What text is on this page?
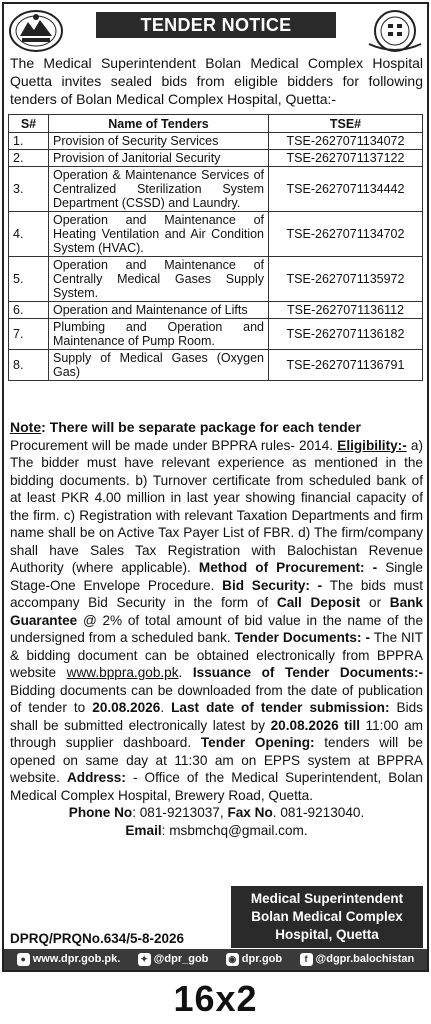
TENDER NOTICE
The Medical Superintendent Bolan Medical Complex Hospital Quetta invites sealed bids from eligible bidders for following tenders of Bolan Medical Complex Hospital, Quetta:-
S#	Name of Tenders	TSE#
1.	Provision of Security Services	TSE-2627071134072
2.	Provision of Janitorial Security	TSE-2627071137122
3.	Operation & Maintenance Services of Centralized Sterilization System Department (CSSD) and Laundry.	TSE-2627071134442
4.	Operation and Maintenance of Heating Ventilation and Air Condition System (HVAC).	TSE-2627071134702
5.	Operation and Maintenance of Centrally Medical Gases Supply System.	TSE-2627071135972
6.	Operation and Maintenance of Lifts	TSE-2627071136112
7.	Plumbing and Operation and Maintenance of Pump Room.	TSE-2627071136182
8.	Supply of Medical Gases (Oxygen Gas)	TSE-2627071136791
Note: There will be separate package for each tender
Procurement will be made under BPPRA rules- 2014. Eligibility:- a) The bidder must have relevant experience as mentioned in the bidding documents. b) Turnover certificate from scheduled bank of at least PKR 4.00 million in last year showing financial capacity of the firm. c) Registration with relevant Taxation Departments and firm name shall be on Active Tax Payer List of FBR. d) The firm/company shall have Sales Tax Registration with Balochistan Revenue Authority (where applicable). Method of Procurement: - Single Stage-One Envelope Procedure. Bid Security: - The bids must accompany Bid Security in the form of Call Deposit or Bank Guarantee @ 2% of total amount of bid value in the name of the undersigned from a scheduled bank. Tender Documents: - The NIT & bidding document can be obtained electronically from BPPRA website www.bppra.gob.pk. Issuance of Tender Documents:- Bidding documents can be downloaded from the date of publication of tender to 20.08.2026. Last date of tender submission: Bids shall be submitted electronically latest by 20.08.2026 till 11:00 am through supplier dashboard. Tender Opening: tenders will be opened on same day at 11:30 am on EPPS system at BPPRA website. Address: - Office of the Medical Superintendent, Bolan Medical Complex Hospital, Brewery Road, Quetta.
Phone No: 081-9213037, Fax No. 081-9213040.
Email: msbmchq@gmail.com.
Medical Superintendent
Bolan Medical Complex
Hospital, Quetta
DPRQ/PRQNo.634/5-8-2026
● www.dpr.gob.pk.	✦ @dpr_gob ◉ dpr.gob	f @dgpr.balochistan
16x2
